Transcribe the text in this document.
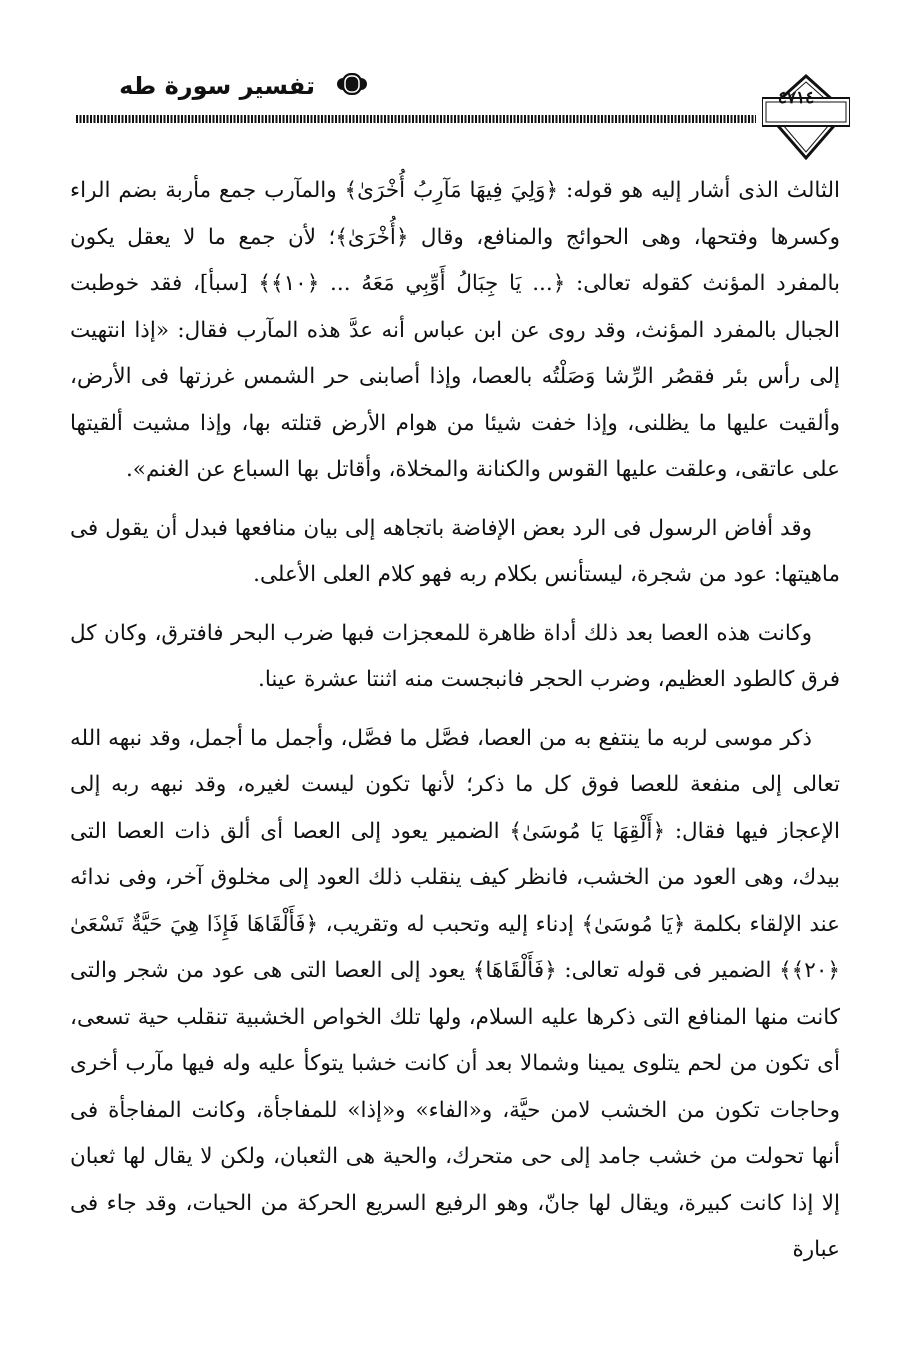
٤٧١٤
تفسير سورة طه

الثالث الذى أشار إليه هو قوله: ﴿وَلِيَ فِيهَا مَآرِبُ أُخْرَىٰ﴾ والمآرب جمع مأربة بضم الراء وكسرها وفتحها، وهى الحوائج والمنافع، وقال ﴿أُخْرَىٰ﴾؛ لأن جمع ما لا يعقل يكون بالمفرد المؤنث كقوله تعالى: ﴿... يَا جِبَالُ أَوِّبِي مَعَهُ ... ﴿١٠﴾﴾ [سبأ]، فقد خوطبت الجبال بالمفرد المؤنث، وقد روى عن ابن عباس أنه عدَّ هذه المآرب فقال: «إذا انتهيت إلى رأس بئر فقصُر الرِّشا وَصَلْتُه بالعصا، وإذا أصابنى حر الشمس غرزتها فى الأرض، وألقيت عليها ما يظلنى، وإذا خفت شيئا من هوام الأرض قتلته بها، وإذا مشيت ألقيتها على عاتقى، وعلقت عليها القوس والكنانة والمخلاة، وأقاتل بها السباع عن الغنم».

وقد أفاض الرسول فى الرد بعض الإفاضة باتجاهه إلى بيان منافعها فبدل أن يقول فى ماهيتها: عود من شجرة، ليستأنس بكلام ربه فهو كلام العلى الأعلى.

وكانت هذه العصا بعد ذلك أداة ظاهرة للمعجزات فبها ضرب البحر فافترق، وكان كل فرق كالطود العظيم، وضرب الحجر فانبجست منه اثنتا عشرة عينا.

ذكر موسى لربه ما ينتفع به من العصا، فصَّل ما فصَّل، وأجمل ما أجمل، وقد نبهه الله تعالى إلى منفعة للعصا فوق كل ما ذكر؛ لأنها تكون ليست لغيره، وقد نبهه ربه إلى الإعجاز فيها فقال: ﴿أَلْقِهَا يَا مُوسَىٰ﴾ الضمير يعود إلى العصا أى ألق ذات العصا التى بيدك، وهى العود من الخشب، فانظر كيف ينقلب ذلك العود إلى مخلوق آخر، وفى ندائه عند الإلقاء بكلمة ﴿يَا مُوسَىٰ﴾ إدناء إليه وتحبب له وتقريب، ﴿فَأَلْقَاهَا فَإِذَا هِيَ حَيَّةٌ تَسْعَىٰ ﴿٢٠﴾﴾ الضمير فى قوله تعالى: ﴿فَأَلْقَاهَا﴾ يعود إلى العصا التى هى عود من شجر والتى كانت منها المنافع التى ذكرها عليه السلام، ولها تلك الخواص الخشبية تنقلب حية تسعى، أى تكون من لحم يتلوى يمينا وشمالا بعد أن كانت خشبا يتوكأ عليه وله فيها مآرب أخرى وحاجات تكون من الخشب لامن حيَّة، و«الفاء» و«إذا» للمفاجأة، وكانت المفاجأة فى أنها تحولت من خشب جامد إلى حى متحرك، والحية هى الثعبان، ولكن لا يقال لها ثعبان إلا إذا كانت كبيرة، ويقال لها جانّ، وهو الرفيع السريع الحركة من الحيات، وقد جاء فى عبارة
